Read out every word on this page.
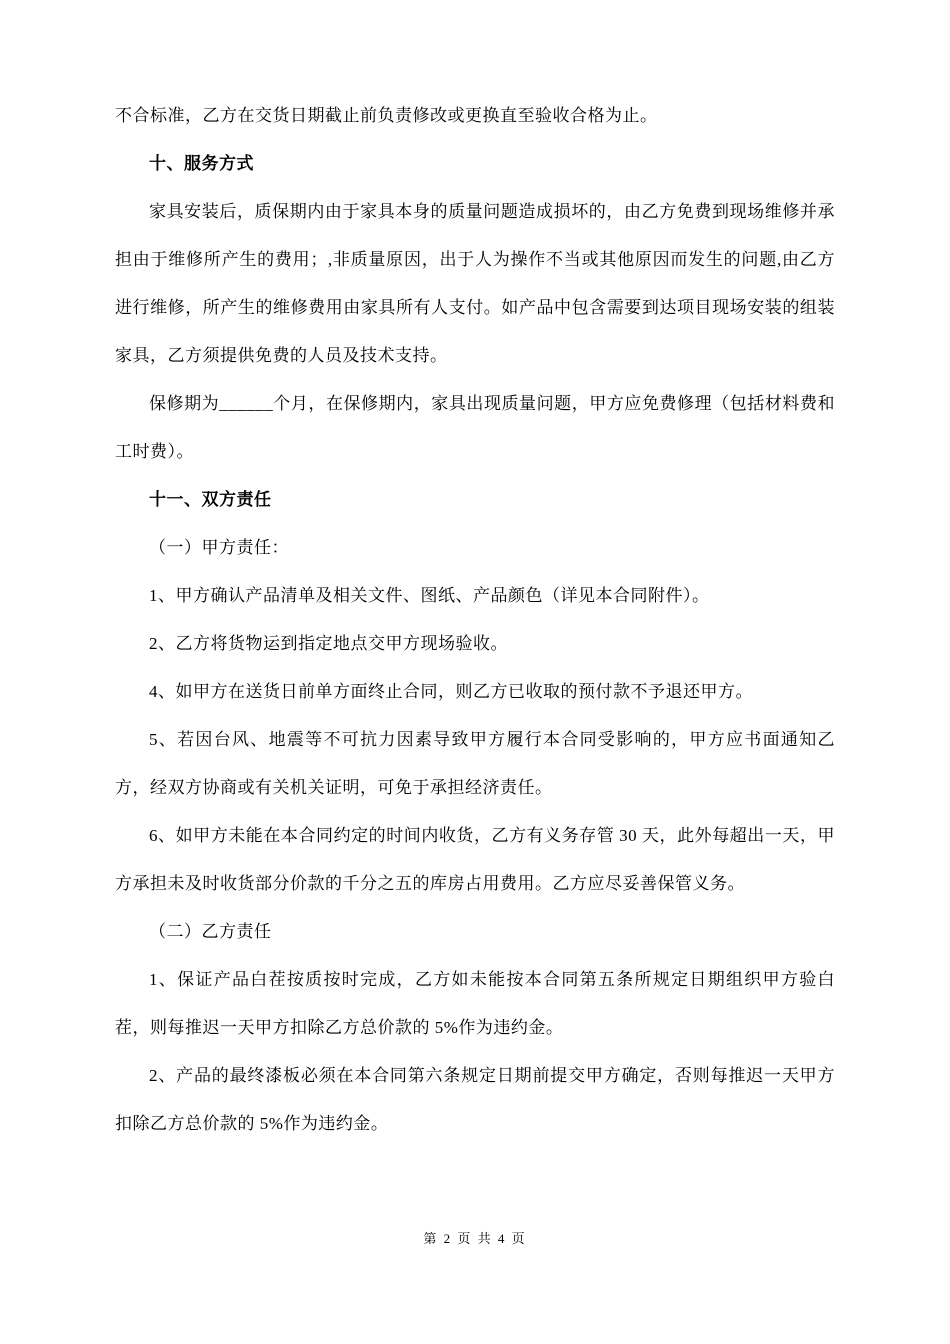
不合标准，乙方在交货日期截止前负责修改或更换直至验收合格为止。

十、服务方式

家具安装后，质保期内由于家具本身的质量问题造成损坏的，由乙方免费到现场维修并承担由于维修所产生的费用；,非质量原因，出于人为操作不当或其他原因而发生的问题,由乙方进行维修，所产生的维修费用由家具所有人支付。如产品中包含需要到达项目现场安装的组装家具，乙方须提供免费的人员及技术支持。

保修期为______个月，在保修期内，家具出现质量问题，甲方应免费修理（包括材料费和工时费）。

十一、双方责任

（一）甲方责任：

1、甲方确认产品清单及相关文件、图纸、产品颜色（详见本合同附件）。

2、乙方将货物运到指定地点交甲方现场验收。

4、如甲方在送货日前单方面终止合同，则乙方已收取的预付款不予退还甲方。

5、若因台风、地震等不可抗力因素导致甲方履行本合同受影响的，甲方应书面通知乙方，经双方协商或有关机关证明，可免于承担经济责任。

6、如甲方未能在本合同约定的时间内收货，乙方有义务存管 30 天，此外每超出一天，甲方承担未及时收货部分价款的千分之五的库房占用费用。乙方应尽妥善保管义务。

（二）乙方责任

1、保证产品白茬按质按时完成，乙方如未能按本合同第五条所规定日期组织甲方验白茬，则每推迟一天甲方扣除乙方总价款的 5%作为违约金。

2、产品的最终漆板必须在本合同第六条规定日期前提交甲方确定，否则每推迟一天甲方扣除乙方总价款的 5%作为违约金。

第 2 页 共 4 页
